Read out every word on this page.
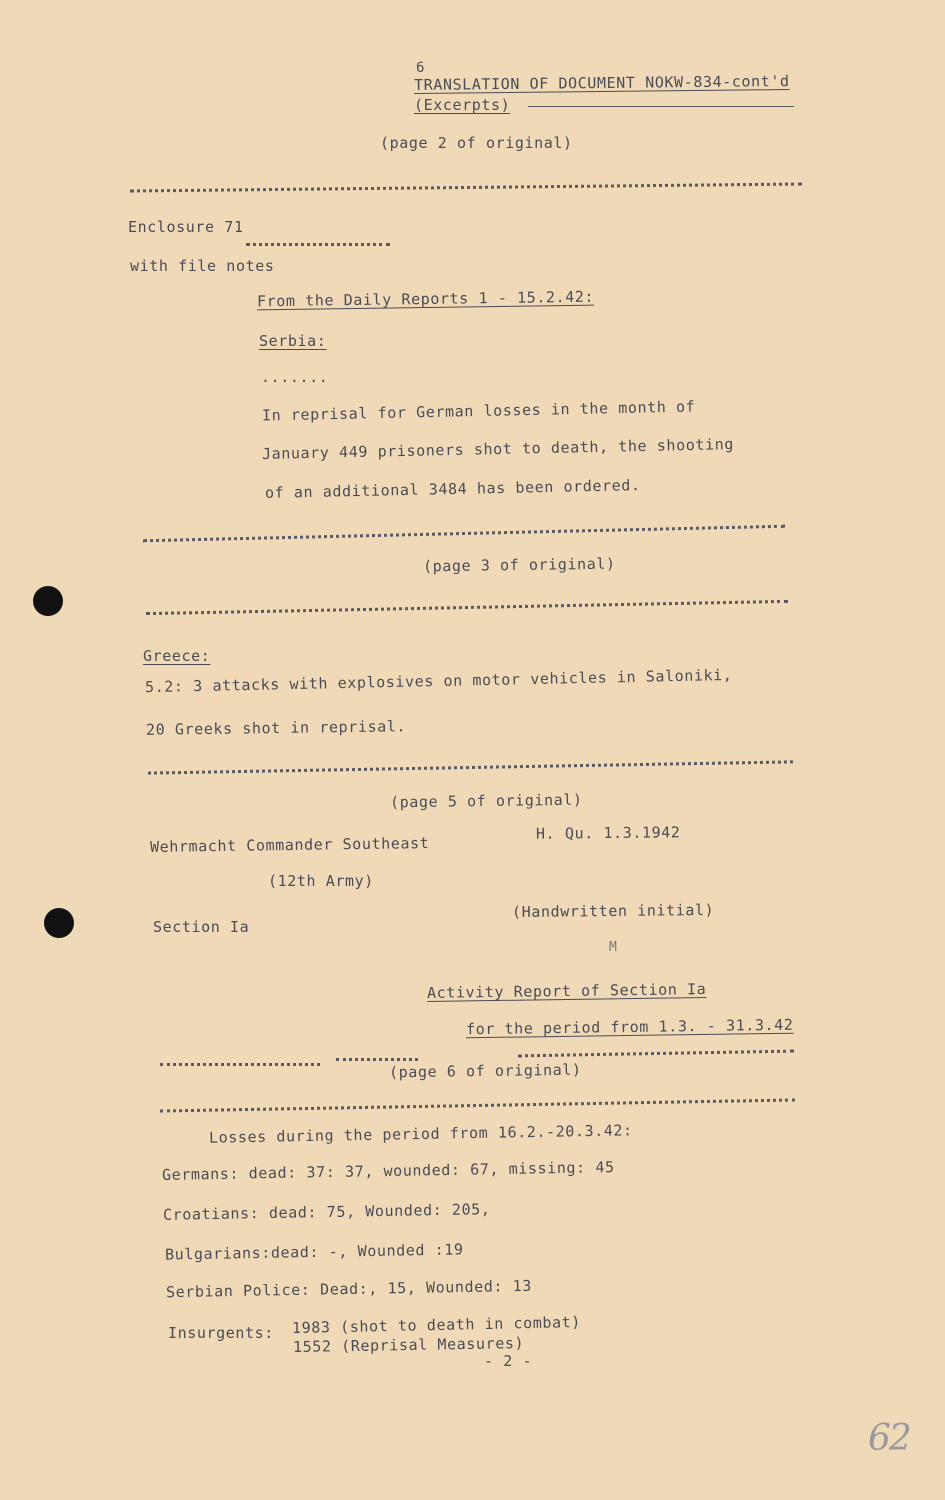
6
TRANSLATION OF DOCUMENT NOKW-834-cont'd
(Excerpts)
(page 2 of original)
Enclosure 71
with file notes
From the Daily Reports 1 - 15.2.42:
Serbia:
.......
In reprisal for German losses in the month of
January 449 prisoners shot to death, the shooting
of an additional 3484 has been ordered.
(page 3 of original)
Greece:
5.2: 3 attacks with explosives on motor vehicles in Saloniki,
20 Greeks shot in reprisal.
(page 5 of original)
Wehrmacht Commander Southeast
H. Qu. 1.3.1942
(12th Army)
Section Ia
(Handwritten initial)
M
Activity Report of Section Ia
for the period from 1.3. - 31.3.42
(page 6 of original)
Losses during the period from 16.2.-20.3.42:
Germans: dead: 37: 37, wounded: 67, missing: 45
Croatians: dead: 75, Wounded: 205,
Bulgarians:dead: -, Wounded :19
Serbian Police: Dead:, 15, Wounded: 13
Insurgents: 1983 (shot to death in combat)
1552 (Reprisal Measures)
- 2 -
62
